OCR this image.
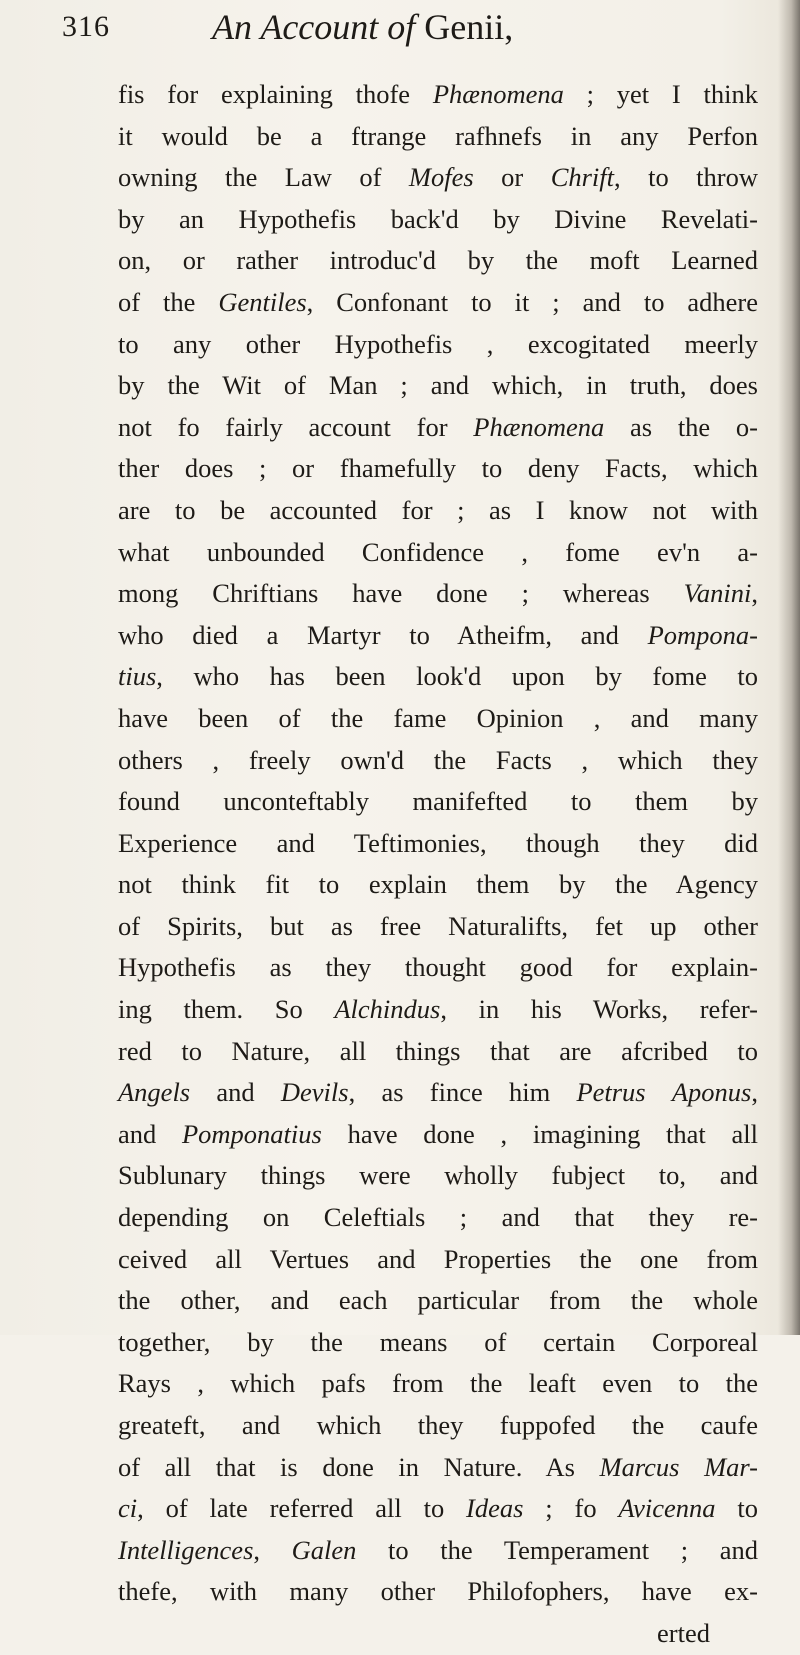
316	An Account of Genii,
fis for explaining thofe Phænomena ; yet I think
it would be a ftrange rafhnefs in any Perfon
owning the Law of Mofes or Chrift, to throw
by an Hypothefis back'd by Divine Revelati-
on, or rather introduc'd by the moft Learned
of the Gentiles, Confonant to it ; and to adhere
to any other Hypothefis , excogitated meerly
by the Wit of Man ; and which, in truth, does
not fo fairly account for Phænomena as the o-
ther does ; or fhamefully to deny Facts, which
are to be accounted for ; as I know not with
what unbounded Confidence , fome ev'n a-
mong Chriftians have done ; whereas Vanini,
who died a Martyr to Atheifm, and Pompona-
tius, who has been look'd upon by fome to
have been of the fame Opinion , and many
others , freely own'd the Facts , which they
found unconteftably manifefted to them by
Experience and Teftimonies, though they did
not think fit to explain them by the Agency
of Spirits, but as free Naturalifts, fet up other
Hypothefis as they thought good for explain-
ing them. So Alchindus, in his Works, refer-
red to Nature, all things that are afcribed to
Angels and Devils, as fince him Petrus Aponus,
and Pomponatius have done , imagining that all
Sublunary things were wholly fubject to, and
depending on Celeftials ; and that they re-
ceived all Vertues and Properties the one from
the other, and each particular from the whole
together, by the means of certain Corporeal
Rays , which pafs from the leaft even to the
greateft, and which they fuppofed the caufe
of all that is done in Nature. As Marcus Mar-
ci, of late referred all to Ideas ; fo Avicenna to
Intelligences, Galen to the Temperament ; and
thefe, with many other Philofophers, have ex-
erted
